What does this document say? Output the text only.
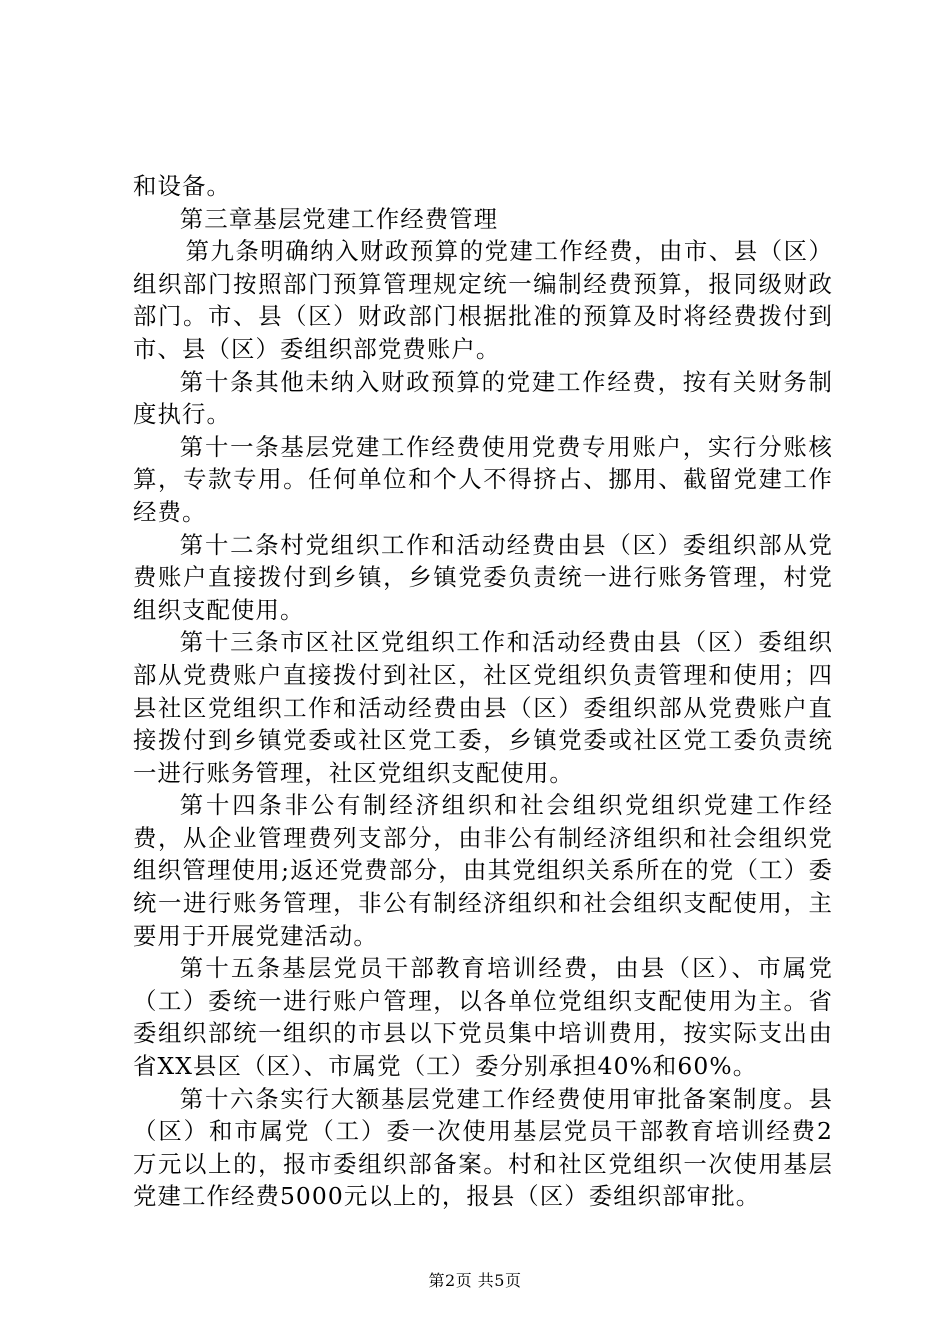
和设备。

第三章基层党建工作经费管理

第九条明确纳入财政预算的党建工作经费，由市、县（区）组织部门按照部门预算管理规定统一编制经费预算，报同级财政部门。市、县（区）财政部门根据批准的预算及时将经费拨付到市、县（区）委组织部党费账户。

第十条其他未纳入财政预算的党建工作经费，按有关财务制度执行。

第十一条基层党建工作经费使用党费专用账户，实行分账核算，专款专用。任何单位和个人不得挤占、挪用、截留党建工作经费。

第十二条村党组织工作和活动经费由县（区）委组织部从党费账户直接拨付到乡镇，乡镇党委负责统一进行账务管理，村党组织支配使用。

第十三条市区社区党组织工作和活动经费由县（区）委组织部从党费账户直接拨付到社区，社区党组织负责管理和使用；四县社区党组织工作和活动经费由县（区）委组织部从党费账户直接拨付到乡镇党委或社区党工委，乡镇党委或社区党工委负责统一进行账务管理，社区党组织支配使用。

第十四条非公有制经济组织和社会组织党组织党建工作经费，从企业管理费列支部分，由非公有制经济组织和社会组织党组织管理使用;返还党费部分，由其党组织关系所在的党（工）委统一进行账务管理，非公有制经济组织和社会组织支配使用，主要用于开展党建活动。

第十五条基层党员干部教育培训经费，由县（区）、市属党（工）委统一进行账户管理，以各单位党组织支配使用为主。省委组织部统一组织的市县以下党员集中培训费用，按实际支出由省XX县区（区）、市属党（工）委分别承担40%和60%。

第十六条实行大额基层党建工作经费使用审批备案制度。县（区）和市属党（工）委一次使用基层党员干部教育培训经费2万元以上的，报市委组织部备案。村和社区党组织一次使用基层党建工作经费5000元以上的，报县（区）委组织部审批。

第2页 共5页
